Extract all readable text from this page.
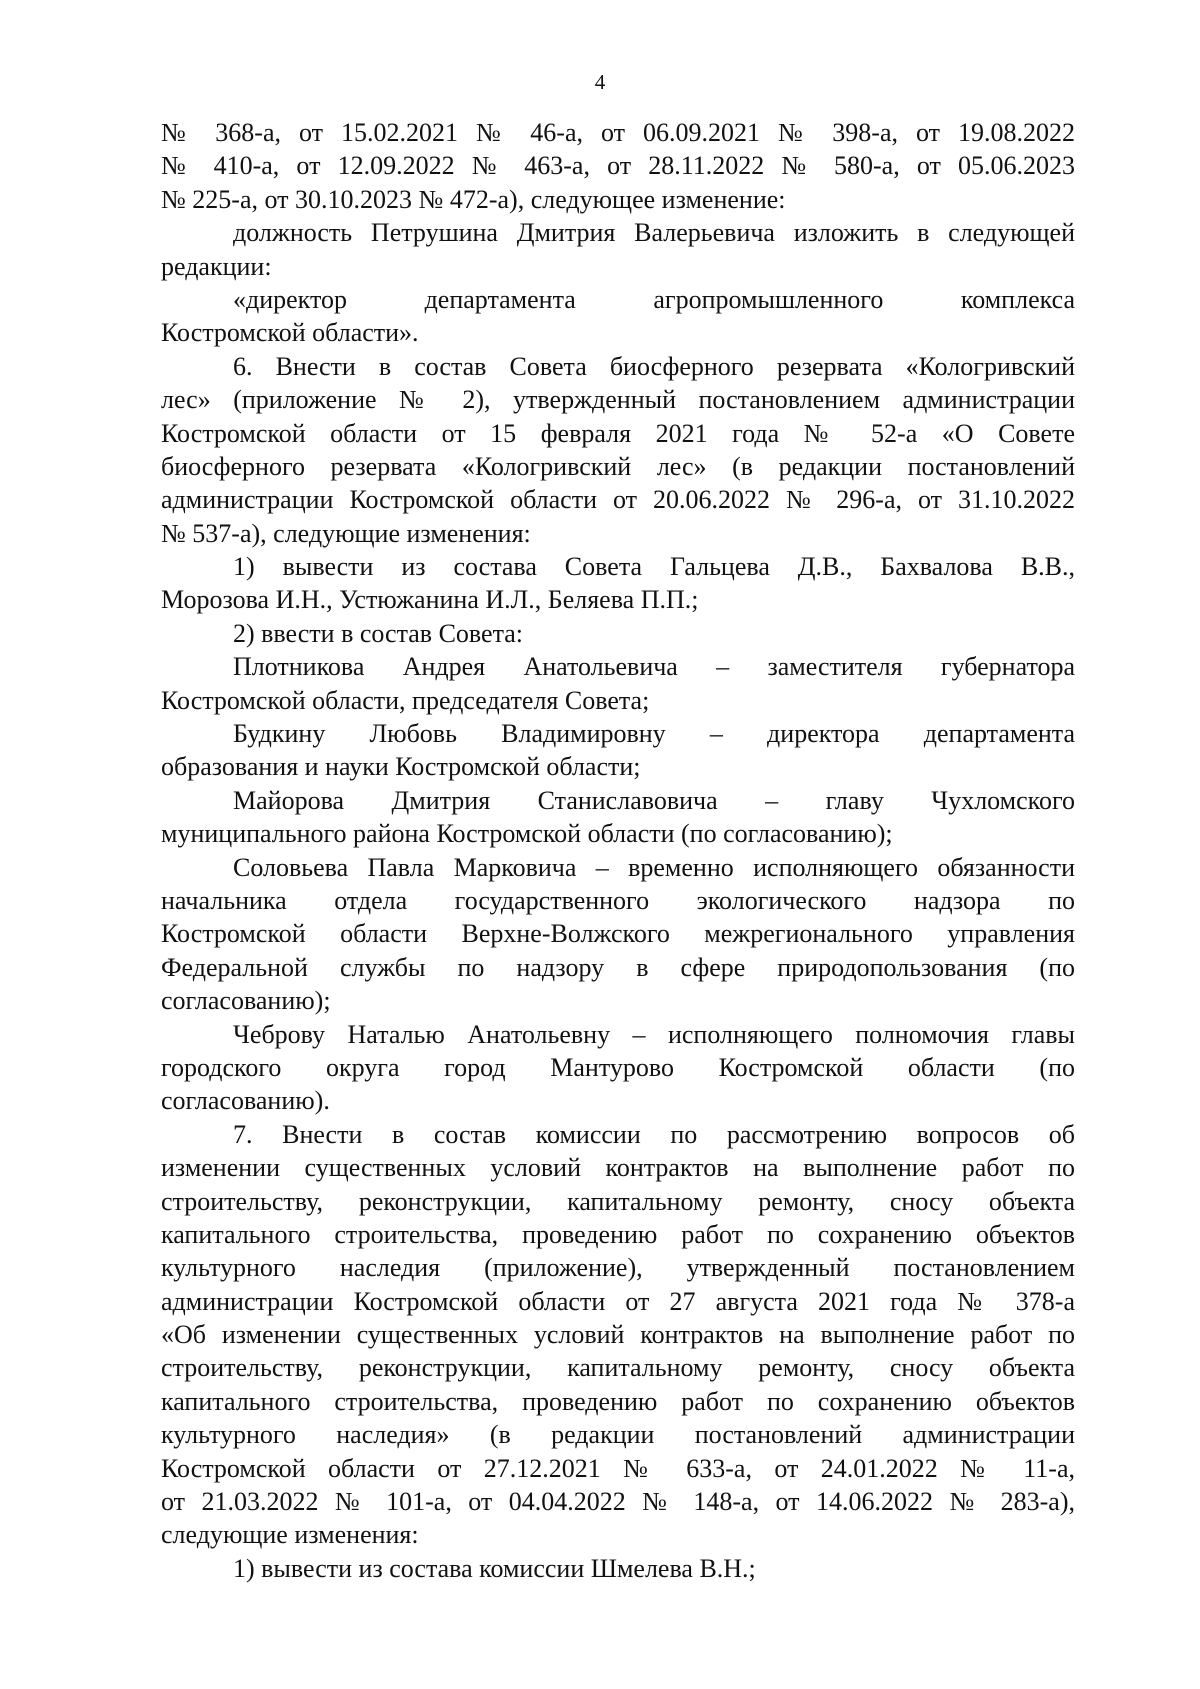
4
№ 368-а, от 15.02.2021 № 46-а, от 06.09.2021 № 398-а, от 19.08.2022
№ 410-а, от 12.09.2022 № 463-а, от 28.11.2022 № 580-а, от 05.06.2023
№ 225-а, от 30.10.2023 № 472-а), следующее изменение:
должность Петрушина Дмитрия Валерьевича изложить в следующей
редакции:
«директор департамента агропромышленного комплекса
Костромской области».
6. Внести в состав Совета биосферного резервата «Кологривский
лес» (приложение № 2), утвержденный постановлением администрации
Костромской области от 15 февраля 2021 года № 52-а «О Совете
биосферного резервата «Кологривский лес» (в редакции постановлений
администрации Костромской области от 20.06.2022 № 296-а, от 31.10.2022
№ 537-а), следующие изменения:
1) вывести из состава Совета Гальцева Д.В., Бахвалова В.В.,
Морозова И.Н., Устюжанина И.Л., Беляева П.П.;
2) ввести в состав Совета:
Плотникова Андрея Анатольевича – заместителя губернатора
Костромской области, председателя Совета;
Будкину Любовь Владимировну – директора департамента
образования и науки Костромской области;
Майорова Дмитрия Станиславовича – главу Чухломского
муниципального района Костромской области (по согласованию);
Соловьева Павла Марковича – временно исполняющего обязанности
начальника отдела государственного экологического надзора по
Костромской области Верхне-Волжского межрегионального управления
Федеральной службы по надзору в сфере природопользования (по
согласованию);
Чеброву Наталью Анатольевну – исполняющего полномочия главы
городского округа город Мантурово Костромской области (по
согласованию).
7. Внести в состав комиссии по рассмотрению вопросов об
изменении существенных условий контрактов на выполнение работ по
строительству, реконструкции, капитальному ремонту, сносу объекта
капитального строительства, проведению работ по сохранению объектов
культурного наследия (приложение), утвержденный постановлением
администрации Костромской области от 27 августа 2021 года № 378-а
«Об изменении существенных условий контрактов на выполнение работ по
строительству, реконструкции, капитальному ремонту, сносу объекта
капитального строительства, проведению работ по сохранению объектов
культурного наследия» (в редакции постановлений администрации
Костромской области от 27.12.2021 № 633-а, от 24.01.2022 № 11-а,
от 21.03.2022 № 101-а, от 04.04.2022 № 148-а, от 14.06.2022 № 283-а),
следующие изменения:
1) вывести из состава комиссии Шмелева В.Н.;
